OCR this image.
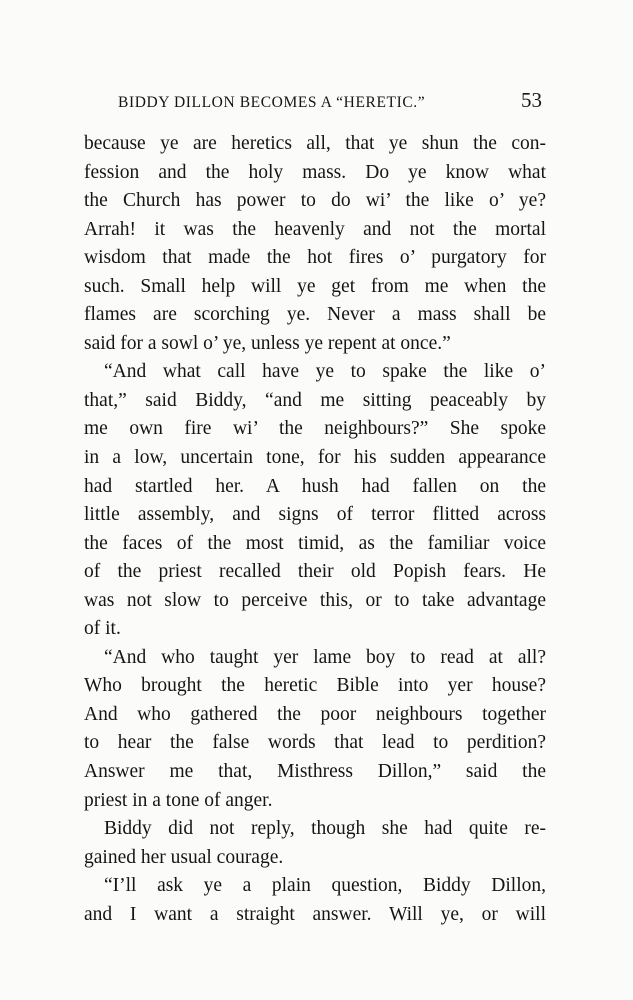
BIDDY DILLON BECOMES A “HERETIC.”	53
because ye are heretics all, that ye shun the con-
fession and the holy mass. Do ye know what
the Church has power to do wi’ the like o’ ye?
Arrah! it was the heavenly and not the mortal
wisdom that made the hot fires o’ purgatory for
such. Small help will ye get from me when the
flames are scorching ye. Never a mass shall be
said for a sowl o’ ye, unless ye repent at once.”
“And what call have ye to spake the like o’
that,” said Biddy, “and me sitting peaceably by
me own fire wi’ the neighbours?” She spoke
in a low, uncertain tone, for his sudden appearance
had startled her. A hush had fallen on the
little assembly, and signs of terror flitted across
the faces of the most timid, as the familiar voice
of the priest recalled their old Popish fears. He
was not slow to perceive this, or to take advantage
of it.
“And who taught yer lame boy to read at all?
Who brought the heretic Bible into yer house?
And who gathered the poor neighbours together
to hear the false words that lead to perdition?
Answer me that, Misthress Dillon,” said the
priest in a tone of anger.
Biddy did not reply, though she had quite re-
gained her usual courage.
“I’ll ask ye a plain question, Biddy Dillon,
and I want a straight answer. Will ye, or will
